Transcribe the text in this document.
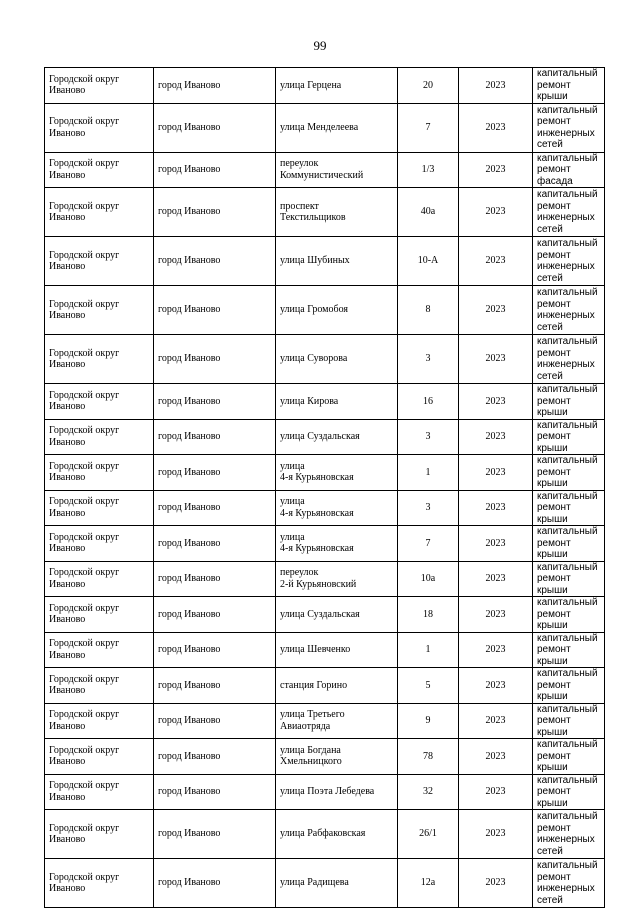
99
Городской округ
Иваново	город Иваново	улица Герцена	20	2023	капитальный
ремонт крыши

Городской округ
Иваново	город Иваново	улица Менделеева	7	2023	капитальный
ремонт
инженерных
сетей

Городской округ
Иваново	город Иваново	переулок
Коммунистический	1/3	2023	капитальный
ремонт фасада

Городской округ
Иваново	город Иваново	проспект
Текстильщиков	40а	2023	капитальный
ремонт
инженерных
сетей

Городской округ
Иваново	город Иваново	улица Шубиных	10-А	2023	капитальный
ремонт
инженерных
сетей

Городской округ
Иваново	город Иваново	улица Громобоя	8	2023	капитальный
ремонт
инженерных
сетей

Городской округ
Иваново	город Иваново	улица Суворова	3	2023	капитальный
ремонт
инженерных
сетей

Городской округ
Иваново	город Иваново	улица Кирова	16	2023	капитальный
ремонт крыши

Городской округ
Иваново	город Иваново	улица Суздальская	3	2023	капитальный
ремонт крыши

Городской округ
Иваново	город Иваново	улица
4-я Курьяновская	1	2023	капитальный
ремонт крыши

Городской округ
Иваново	город Иваново	улица
4-я Курьяновская	3	2023	капитальный
ремонт крыши

Городской округ
Иваново	город Иваново	улица
4-я Курьяновская	7	2023	капитальный
ремонт крыши

Городской округ
Иваново	город Иваново	переулок
2-й Курьяновский	10а	2023	капитальный
ремонт крыши

Городской округ
Иваново	город Иваново	улица Суздальская	18	2023	капитальный
ремонт крыши

Городской округ
Иваново	город Иваново	улица Шевченко	1	2023	капитальный
ремонт крыши

Городской округ
Иваново	город Иваново	станция Горино	5	2023	капитальный
ремонт крыши

Городской округ
Иваново	город Иваново	улица Третьего
Авиаотряда	9	2023	капитальный
ремонт крыши

Городской округ
Иваново	город Иваново	улица Богдана
Хмельницкого	78	2023	капитальный
ремонт крыши

Городской округ
Иваново	город Иваново	улица Поэта Лебедева	32	2023	капитальный
ремонт крыши

Городской округ
Иваново	город Иваново	улица Рабфаковская	26/1	2023	капитальный
ремонт
инженерных
сетей

Городской округ
Иваново	город Иваново	улица Радищева	12а	2023	капитальный
ремонт
инженерных
сетей
